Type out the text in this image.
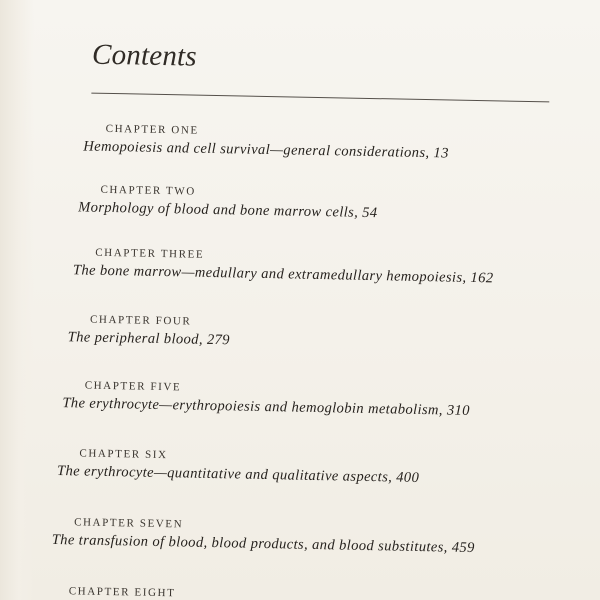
Contents
CHAPTER ONE
Hemopoiesis and cell survival—general considerations, 13
CHAPTER TWO
Morphology of blood and bone marrow cells, 54
CHAPTER THREE
The bone marrow—medullary and extramedullary hemopoiesis, 162
CHAPTER FOUR
The peripheral blood, 279
CHAPTER FIVE
The erythrocyte—erythropoiesis and hemoglobin metabolism, 310
CHAPTER SIX
The erythrocyte—quantitative and qualitative aspects, 400
CHAPTER SEVEN
The transfusion of blood, blood products, and blood substitutes, 459
CHAPTER EIGHT
